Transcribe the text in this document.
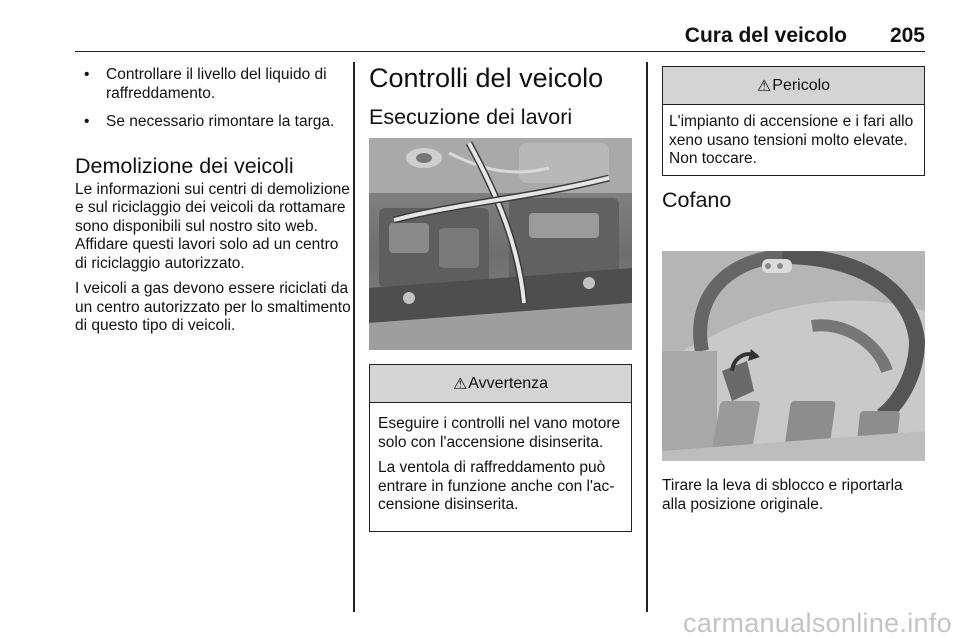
Cura del veicolo 205
• Controllare il livello del liquido di raffreddamento.
• Se necessario rimontare la targa.
Demolizione dei veicoli
Le informazioni sui centri di demolizione e sul riciclaggio dei veicoli da rottamare sono disponibili sul nostro sito web. Affidare questi lavori solo ad un centro di riciclaggio autorizzato.
I veicoli a gas devono essere riciclati da un centro autorizzato per lo smaltimento di questo tipo di veicoli.
Controlli del veicolo
Esecuzione dei lavori
⚠ Avvertenza
Eseguire i controlli nel vano motore solo con l'accensione disinserita.
La ventola di raffreddamento può entrare in funzione anche con l'accensione disinserita.
⚠ Pericolo
L'impianto di accensione e i fari allo xeno usano tensioni molto elevate. Non toccare.
Cofano
Tirare la leva di sblocco e riportarla alla posizione originale.
carmanualsonline.info
